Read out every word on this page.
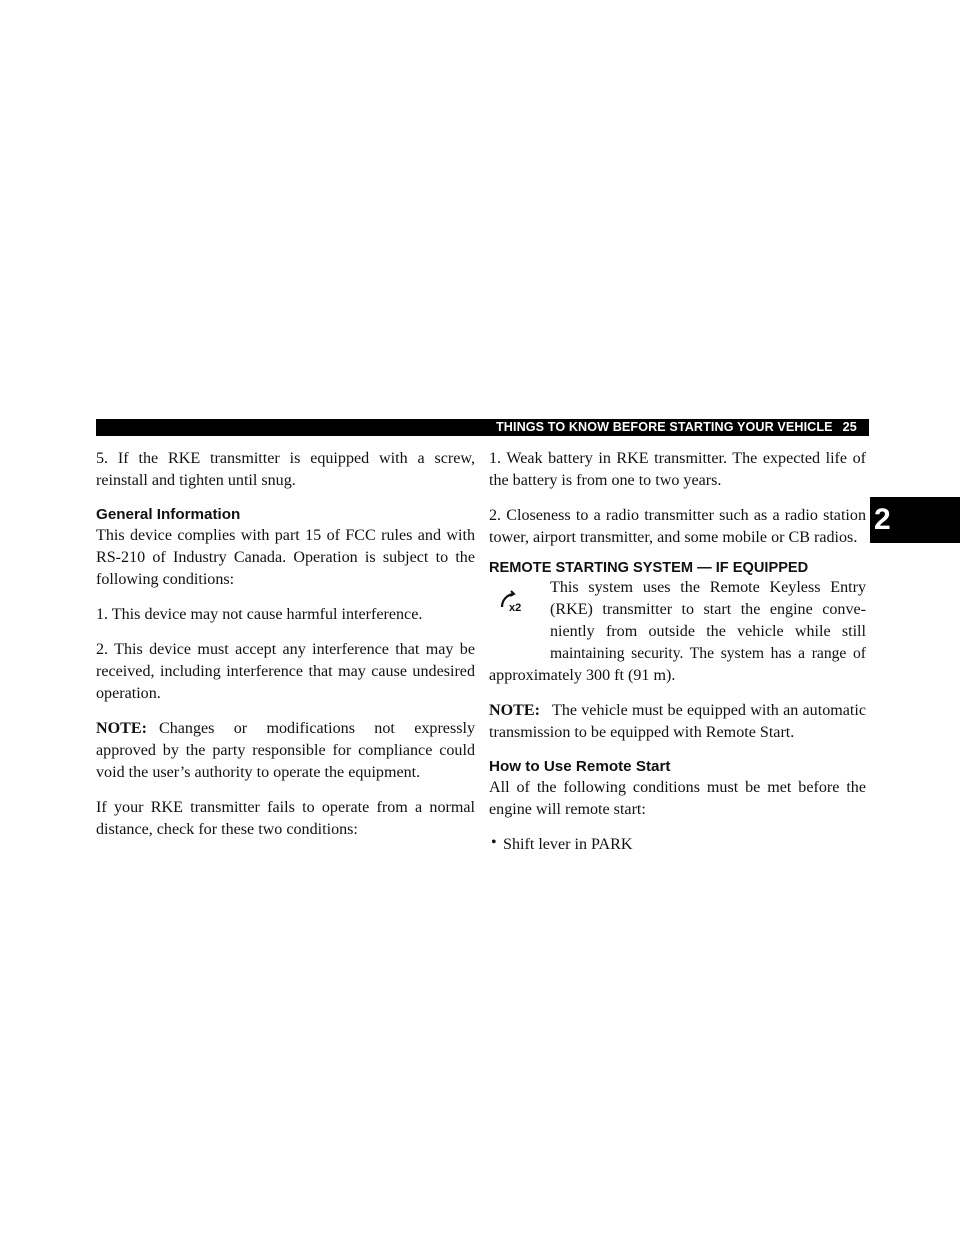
THINGS TO KNOW BEFORE STARTING YOUR VEHICLE 25
2

5. If the RKE transmitter is equipped with a screw, reinstall and tighten until snug.

General Information

This device complies with part 15 of FCC rules and with RS-210 of Industry Canada. Operation is subject to the following conditions:

1. This device may not cause harmful interference.

2. This device must accept any interference that may be received, including interference that may cause undesired operation.

NOTE: Changes or modifications not expressly approved by the party responsible for compliance could void the user’s authority to operate the equipment.

If your RKE transmitter fails to operate from a normal distance, check for these two conditions:

1. Weak battery in RKE transmitter. The expected life of the battery is from one to two years.

2. Closeness to a radio transmitter such as a radio station tower, airport transmitter, and some mobile or CB radios.

REMOTE STARTING SYSTEM — IF EQUIPPED
x2

This system uses the Remote Keyless Entry

(RKE) transmitter to start the engine conve-

niently from outside the vehicle while still

maintaining security. The system has a range of

approximately 300 ft (91 m).

NOTE: The vehicle must be equipped with an automatic transmission to be equipped with Remote Start.

How to Use Remote Start

All of the following conditions must be met before the engine will remote start:

• Shift lever in PARK
